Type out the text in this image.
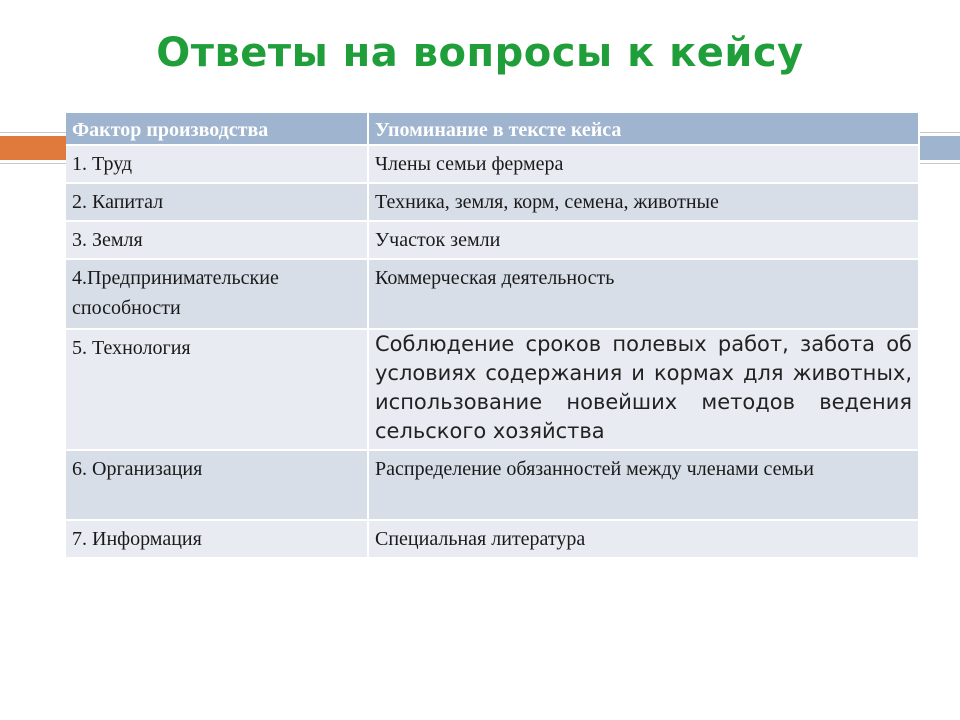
Ответы на вопросы к кейсу
Фактор производства	Упоминание в тексте кейса
1. Труд	Члены семьи фермера
2. Капитал	Техника, земля, корм, семена, животные
3. Земля	Участок земли
4.Предпринимательские способности	Коммерческая деятельность
5. Технология	Соблюдение сроков полевых работ, забота об условиях содержания и кормах для животных, использование новейших методов ведения сельского хозяйства
6. Организация	Распределение обязанностей между членами семьи
7. Информация	Специальная литература
